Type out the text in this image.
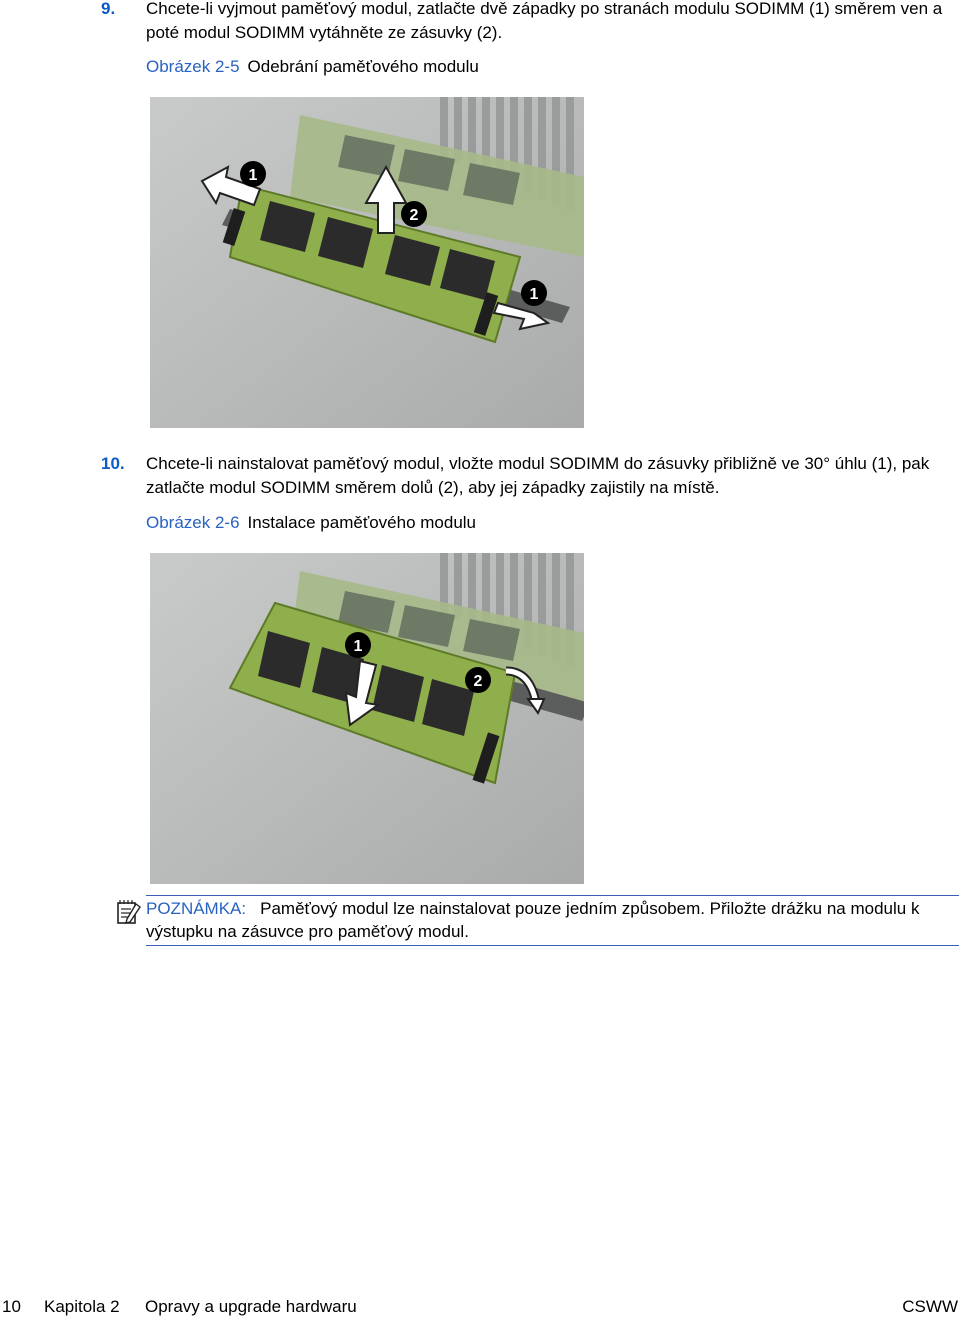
9. Chcete-li vyjmout paměťový modul, zatlačte dvě západky po stranách modulu SODIMM (1) směrem ven a poté modul SODIMM vytáhněte ze zásuvky (2).
Obrázek 2-5 Odebrání paměťového modulu
1
2
1
10. Chcete-li nainstalovat paměťový modul, vložte modul SODIMM do zásuvky přibližně ve 30° úhlu (1), pak zatlačte modul SODIMM směrem dolů (2), aby jej západky zajistily na místě.
Obrázek 2-6 Instalace paměťového modulu
1
2
POZNÁMKA: Paměťový modul lze nainstalovat pouze jedním způsobem. Přiložte drážku na modulu k výstupku na zásuvce pro paměťový modul.
10 Kapitola 2 Opravy a upgrade hardwaru	CSWW
